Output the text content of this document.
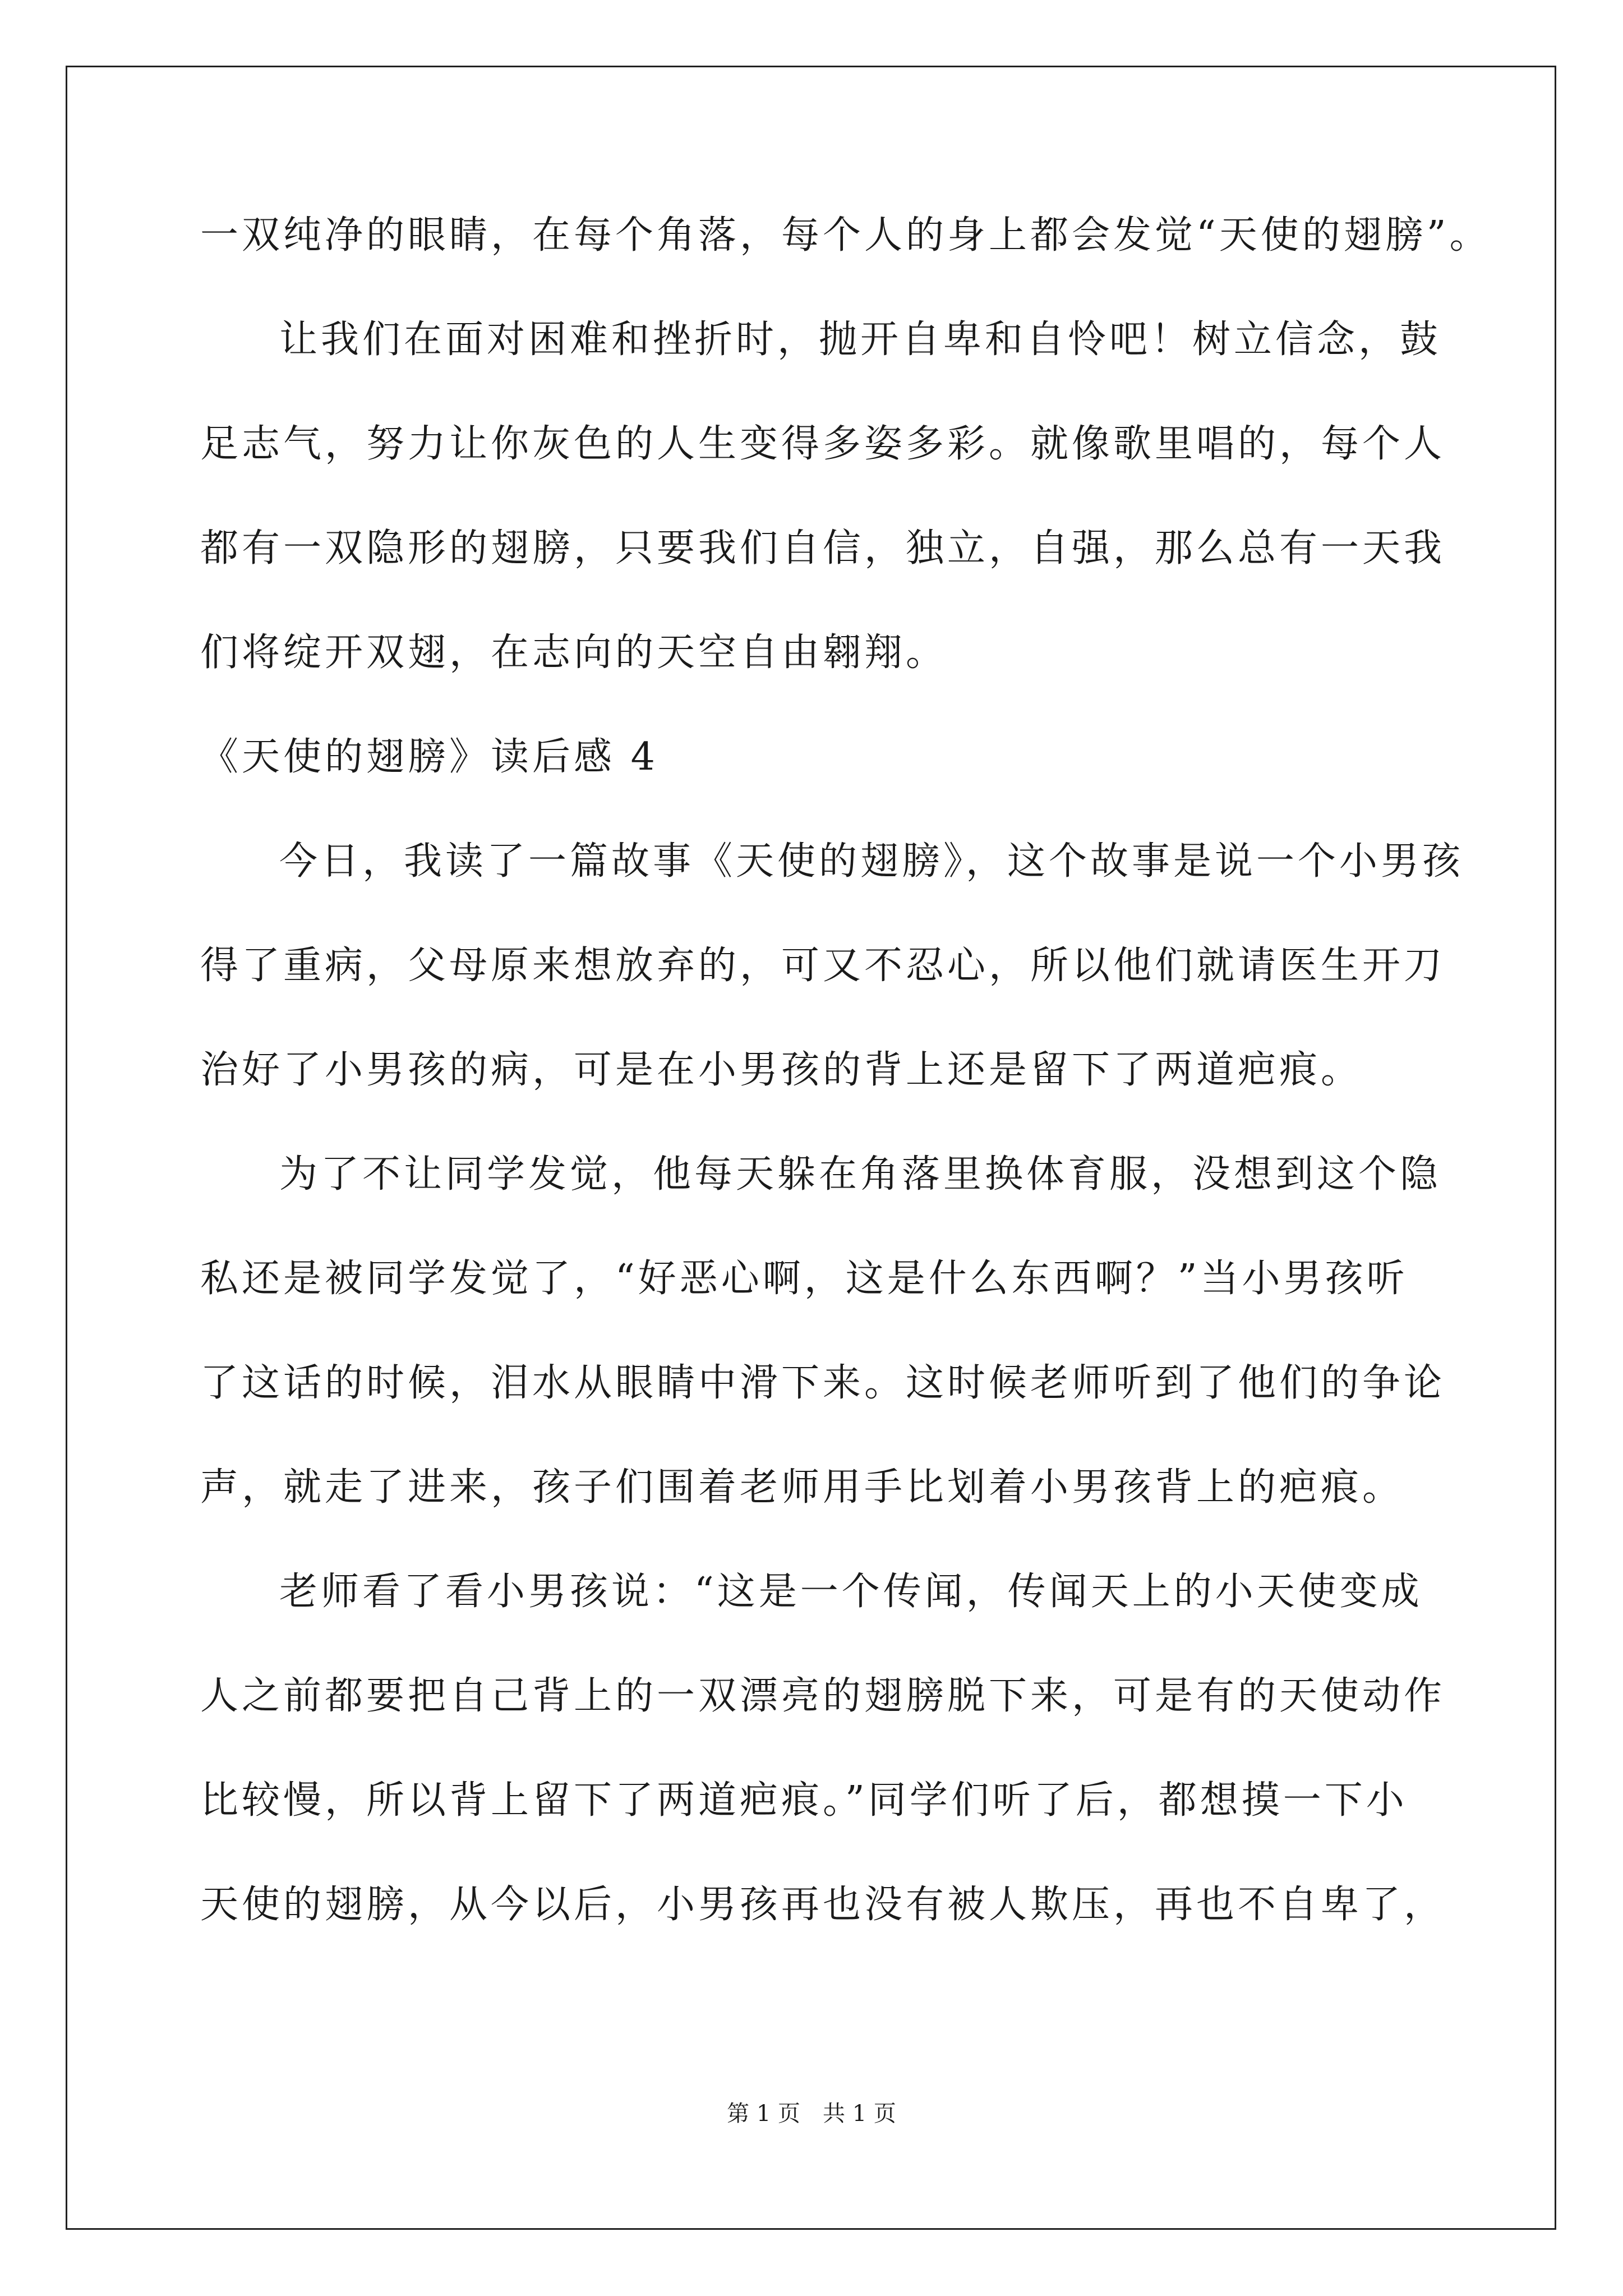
一双纯净的眼睛，在每个角落，每个人的身上都会发觉“天使的翅膀”。
让我们在面对困难和挫折时，抛开自卑和自怜吧！树立信念，鼓
足志气，努力让你灰色的人生变得多姿多彩。就像歌里唱的，每个人
都有一双隐形的翅膀，只要我们自信，独立，自强，那么总有一天我
们将绽开双翅，在志向的天空自由翱翔。
《天使的翅膀》读后感 4
今日，我读了一篇故事《天使的翅膀》，这个故事是说一个小男孩
得了重病，父母原来想放弃的，可又不忍心，所以他们就请医生开刀
治好了小男孩的病，可是在小男孩的背上还是留下了两道疤痕。
为了不让同学发觉，他每天躲在角落里换体育服，没想到这个隐
私还是被同学发觉了，“好恶心啊，这是什么东西啊？”当小男孩听
了这话的时候，泪水从眼睛中滑下来。这时候老师听到了他们的争论
声，就走了进来，孩子们围着老师用手比划着小男孩背上的疤痕。
老师看了看小男孩说：“这是一个传闻，传闻天上的小天使变成
人之前都要把自己背上的一双漂亮的翅膀脱下来，可是有的天使动作
比较慢，所以背上留下了两道疤痕。”同学们听了后，都想摸一下小
天使的翅膀，从今以后，小男孩再也没有被人欺压，再也不自卑了，
第 1 页　共 1 页
